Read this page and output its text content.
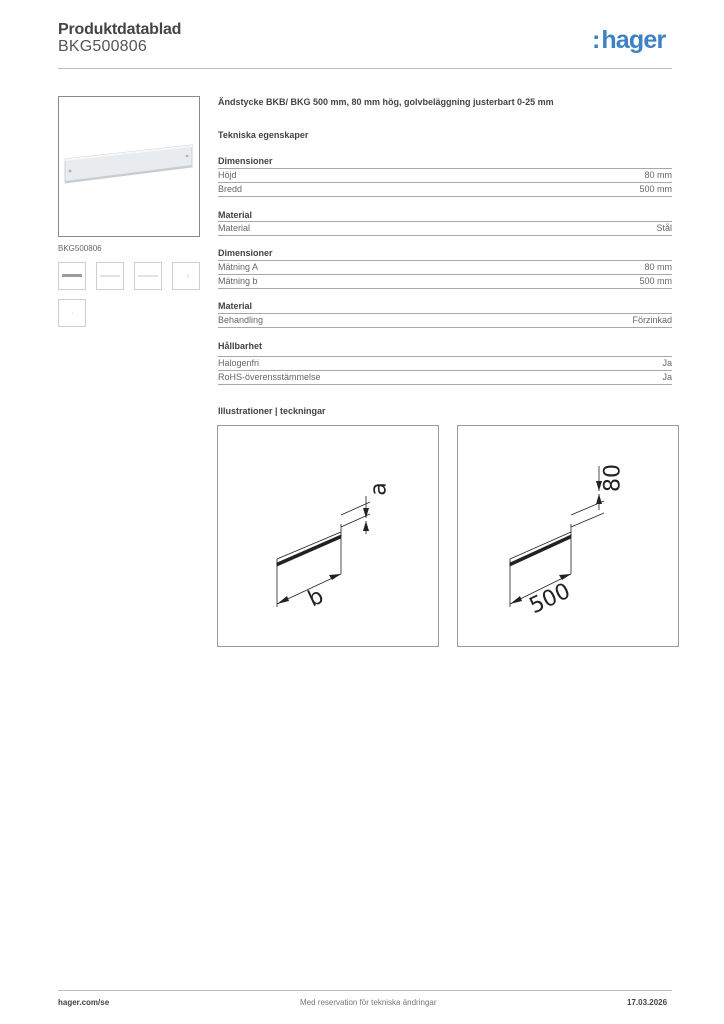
Produktdatablad
BKG500806	:hager
BKG500806
Ändstycke BKB/ BKG 500 mm, 80 mm hög, golvbeläggning justerbart 0-25 mm
Tekniska egenskaper
Dimensioner
Höjd	80 mm
Bredd	500 mm
Material
Material	Stål
Dimensioner
Mätning A	80 mm
Mätning b	500 mm
Material
Behandling	Förzinkad
Hållbarhet
Halogenfri	Ja
RoHS-överensstämmelse	Ja
Illustrationer | teckningar
a
b
80
500
hager.com/se	Med reservation för tekniska ändringar	17.03.2026
